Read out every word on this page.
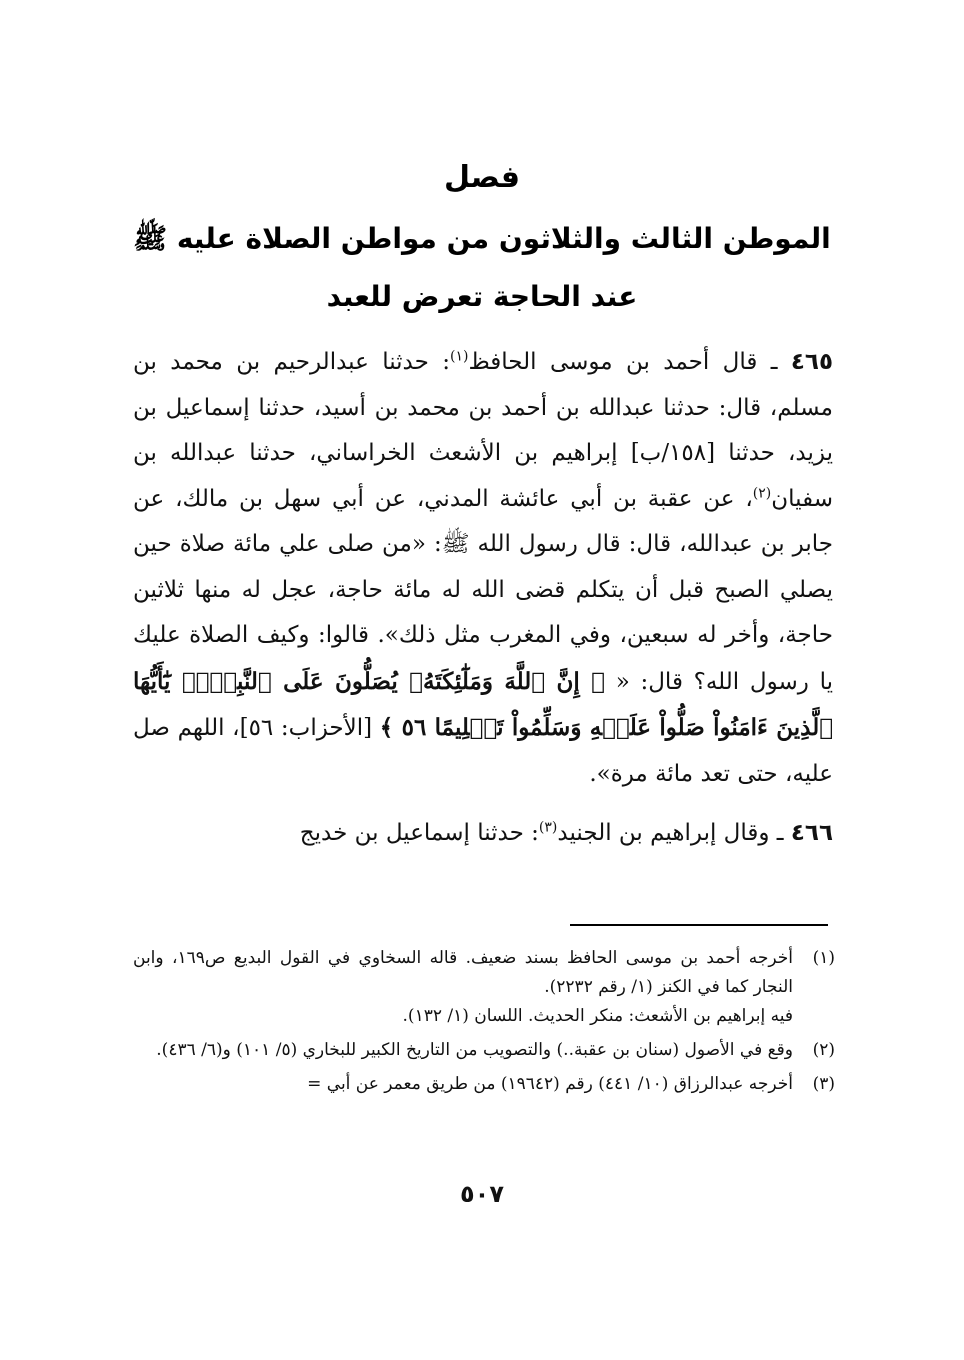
فصل
الموطن الثالث والثلاثون من مواطن الصلاة عليه ﷺ
عند الحاجة تعرض للعبد

٤٦٥ ـ قال أحمد بن موسى الحافظ$^{(١)}$: حدثنا عبدالرحيم بن محمد بن مسلم، قال: حدثنا عبدالله بن أحمد بن محمد بن أسيد، حدثنا إسماعيل بن يزيد، حدثنا [١٥٨/ب] إبراهيم بن الأشعث الخراساني، حدثنا عبدالله بن سفيان$^{(٢)}$، عن عقبة بن أبي عائشة المدني، عن أبي سهل بن مالك، عن جابر بن عبدالله، قال: قال رسول الله ﷺ: «من صلى علي مائة صلاة حين يصلي الصبح قبل أن يتكلم قضى الله له مائة حاجة، عجل له منها ثلاثين حاجة، وأخر له سبعين، وفي المغرب مثل ذلك». قالوا: وكيف الصلاة عليك يا رسول الله؟ قال: « ﴿ إِنَّ ٱللَّهَ وَمَلَٰٓئِكَتَهُۥ يُصَلُّونَ عَلَى ٱلنَّبِيِّۚ يَٰٓأَيُّهَا ٱلَّذِينَ ءَامَنُواْ صَلُّواْ عَلَيۡهِ وَسَلِّمُواْ تَسۡلِيمًا ٥٦ ﴾ [الأحزاب: ٥٦]، اللهم صل عليه، حتى تعد مائة مرة».

٤٦٦ ـ وقال إبراهيم بن الجنيد$^{(٣)}$: حدثنا إسماعيل بن خديج

(١)
أخرجه أحمد بن موسى الحافظ بسند ضعيف. قاله السخاوي في القول البديع ص١٦٩، وابن النجار كما في الكنز (١/ رقم ٢٢٣٢).
فيه إبراهيم بن الأشعث: منكر الحديث. اللسان (١/ ١٣٢).
(٢)
وقع في الأصول (سنان بن عقبة..) والتصويب من التاريخ الكبير للبخاري (٥/ ١٠١) و(٦/ ٤٣٦).
(٣)
أخرجه عبدالرزاق (١٠/ ٤٤١) رقم (١٩٦٤٢) من طريق معمر عن أبي =
٥٠٧
